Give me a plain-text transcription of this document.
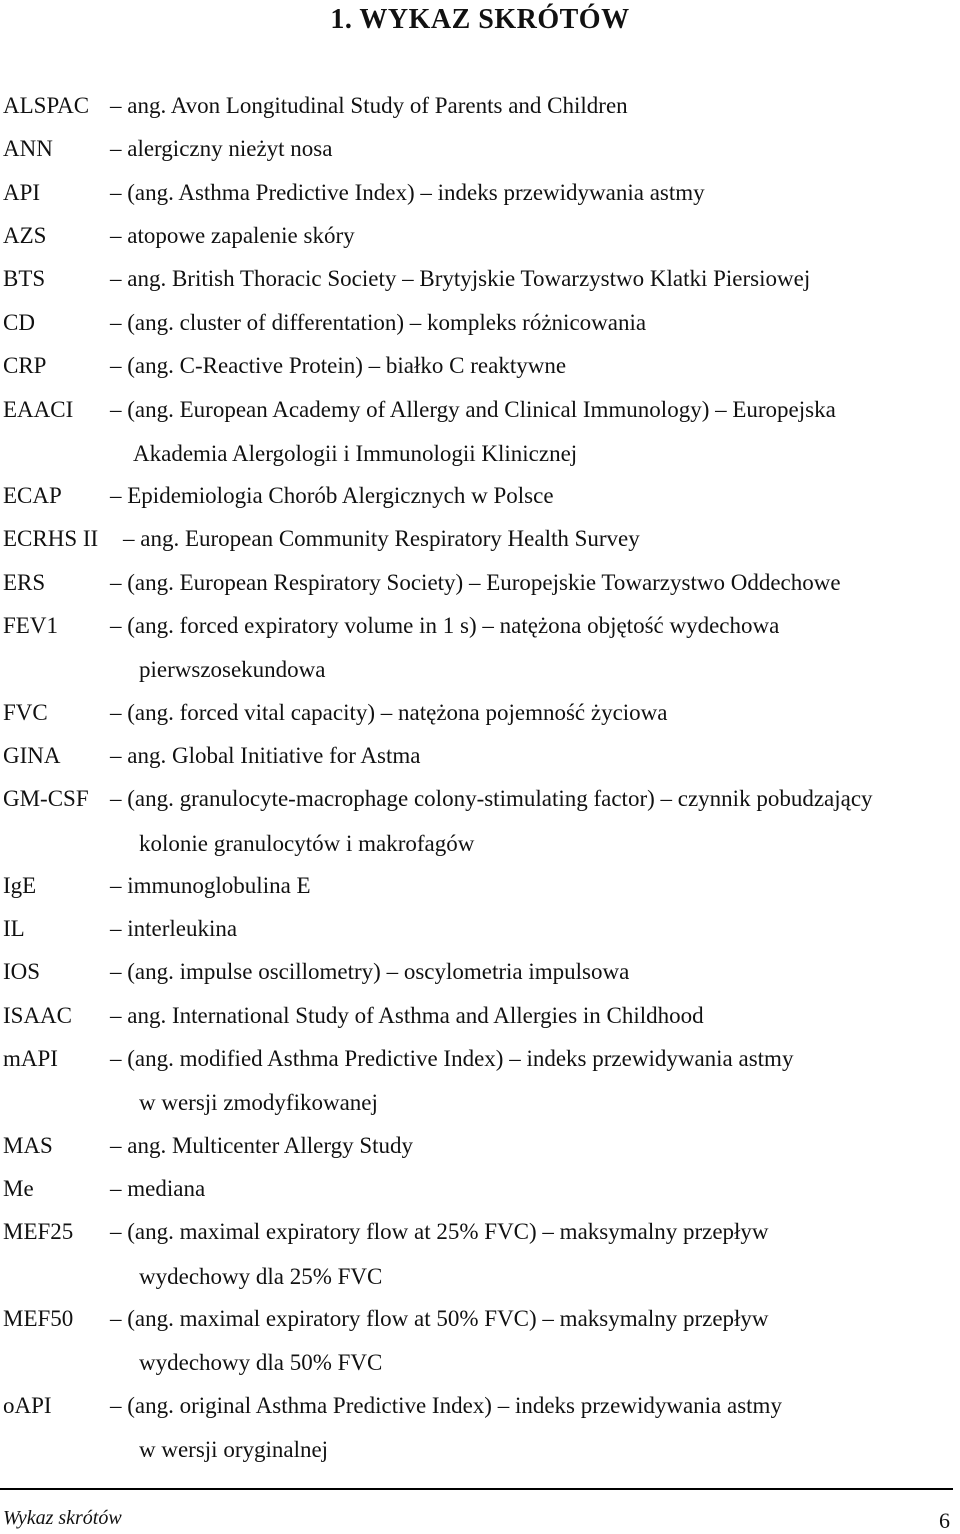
1. WYKAZ SKRÓTÓW
ALSPAC – ang. Avon Longitudinal Study of Parents and Children
ANN – alergiczny nieżyt nosa
API	– (ang. Asthma Predictive Index) – indeks przewidywania astmy
AZS	– atopowe zapalenie skóry
BTS	– ang. British Thoracic Society – Brytyjskie Towarzystwo Klatki Piersiowej
CD	– (ang. cluster of differentation) – kompleks różnicowania
CRP	– (ang. C-Reactive Protein) – białko C reaktywne
EAACI – (ang. European Academy of Allergy and Clinical Immunology) – Europejska
Akademia Alergologii i Immunologii Klinicznej
ECAP – Epidemiologia Chorób Alergicznych w Polsce
ECRHS II – ang. European Community Respiratory Health Survey
ERS	– (ang. European Respiratory Society) – Europejskie Towarzystwo Oddechowe
FEV1 – (ang. forced expiratory volume in 1 s) – natężona objętość wydechowa
pierwszosekundowa
FVC	– (ang. forced vital capacity) – natężona pojemność życiowa
GINA – ang. Global Initiative for Astma
GM-CSF – (ang. granulocyte-macrophage colony-stimulating factor) – czynnik pobudzający
kolonie granulocytów i makrofagów
IgE	– immunoglobulina E
IL	– interleukina
IOS	– (ang. impulse oscillometry) – oscylometria impulsowa
ISAAC – ang. International Study of Asthma and Allergies in Childhood
mAPI – (ang. modified Asthma Predictive Index) – indeks przewidywania astmy
w wersji zmodyfikowanej
MAS – ang. Multicenter Allergy Study
Me	– mediana
MEF25 – (ang. maximal expiratory flow at 25% FVC) – maksymalny przepływ
wydechowy dla 25% FVC
MEF50 – (ang. maximal expiratory flow at 50% FVC) – maksymalny przepływ
wydechowy dla 50% FVC
oAPI	– (ang. original Asthma Predictive Index) – indeks przewidywania astmy
w wersji oryginalnej
Wykaz skrótów	6
